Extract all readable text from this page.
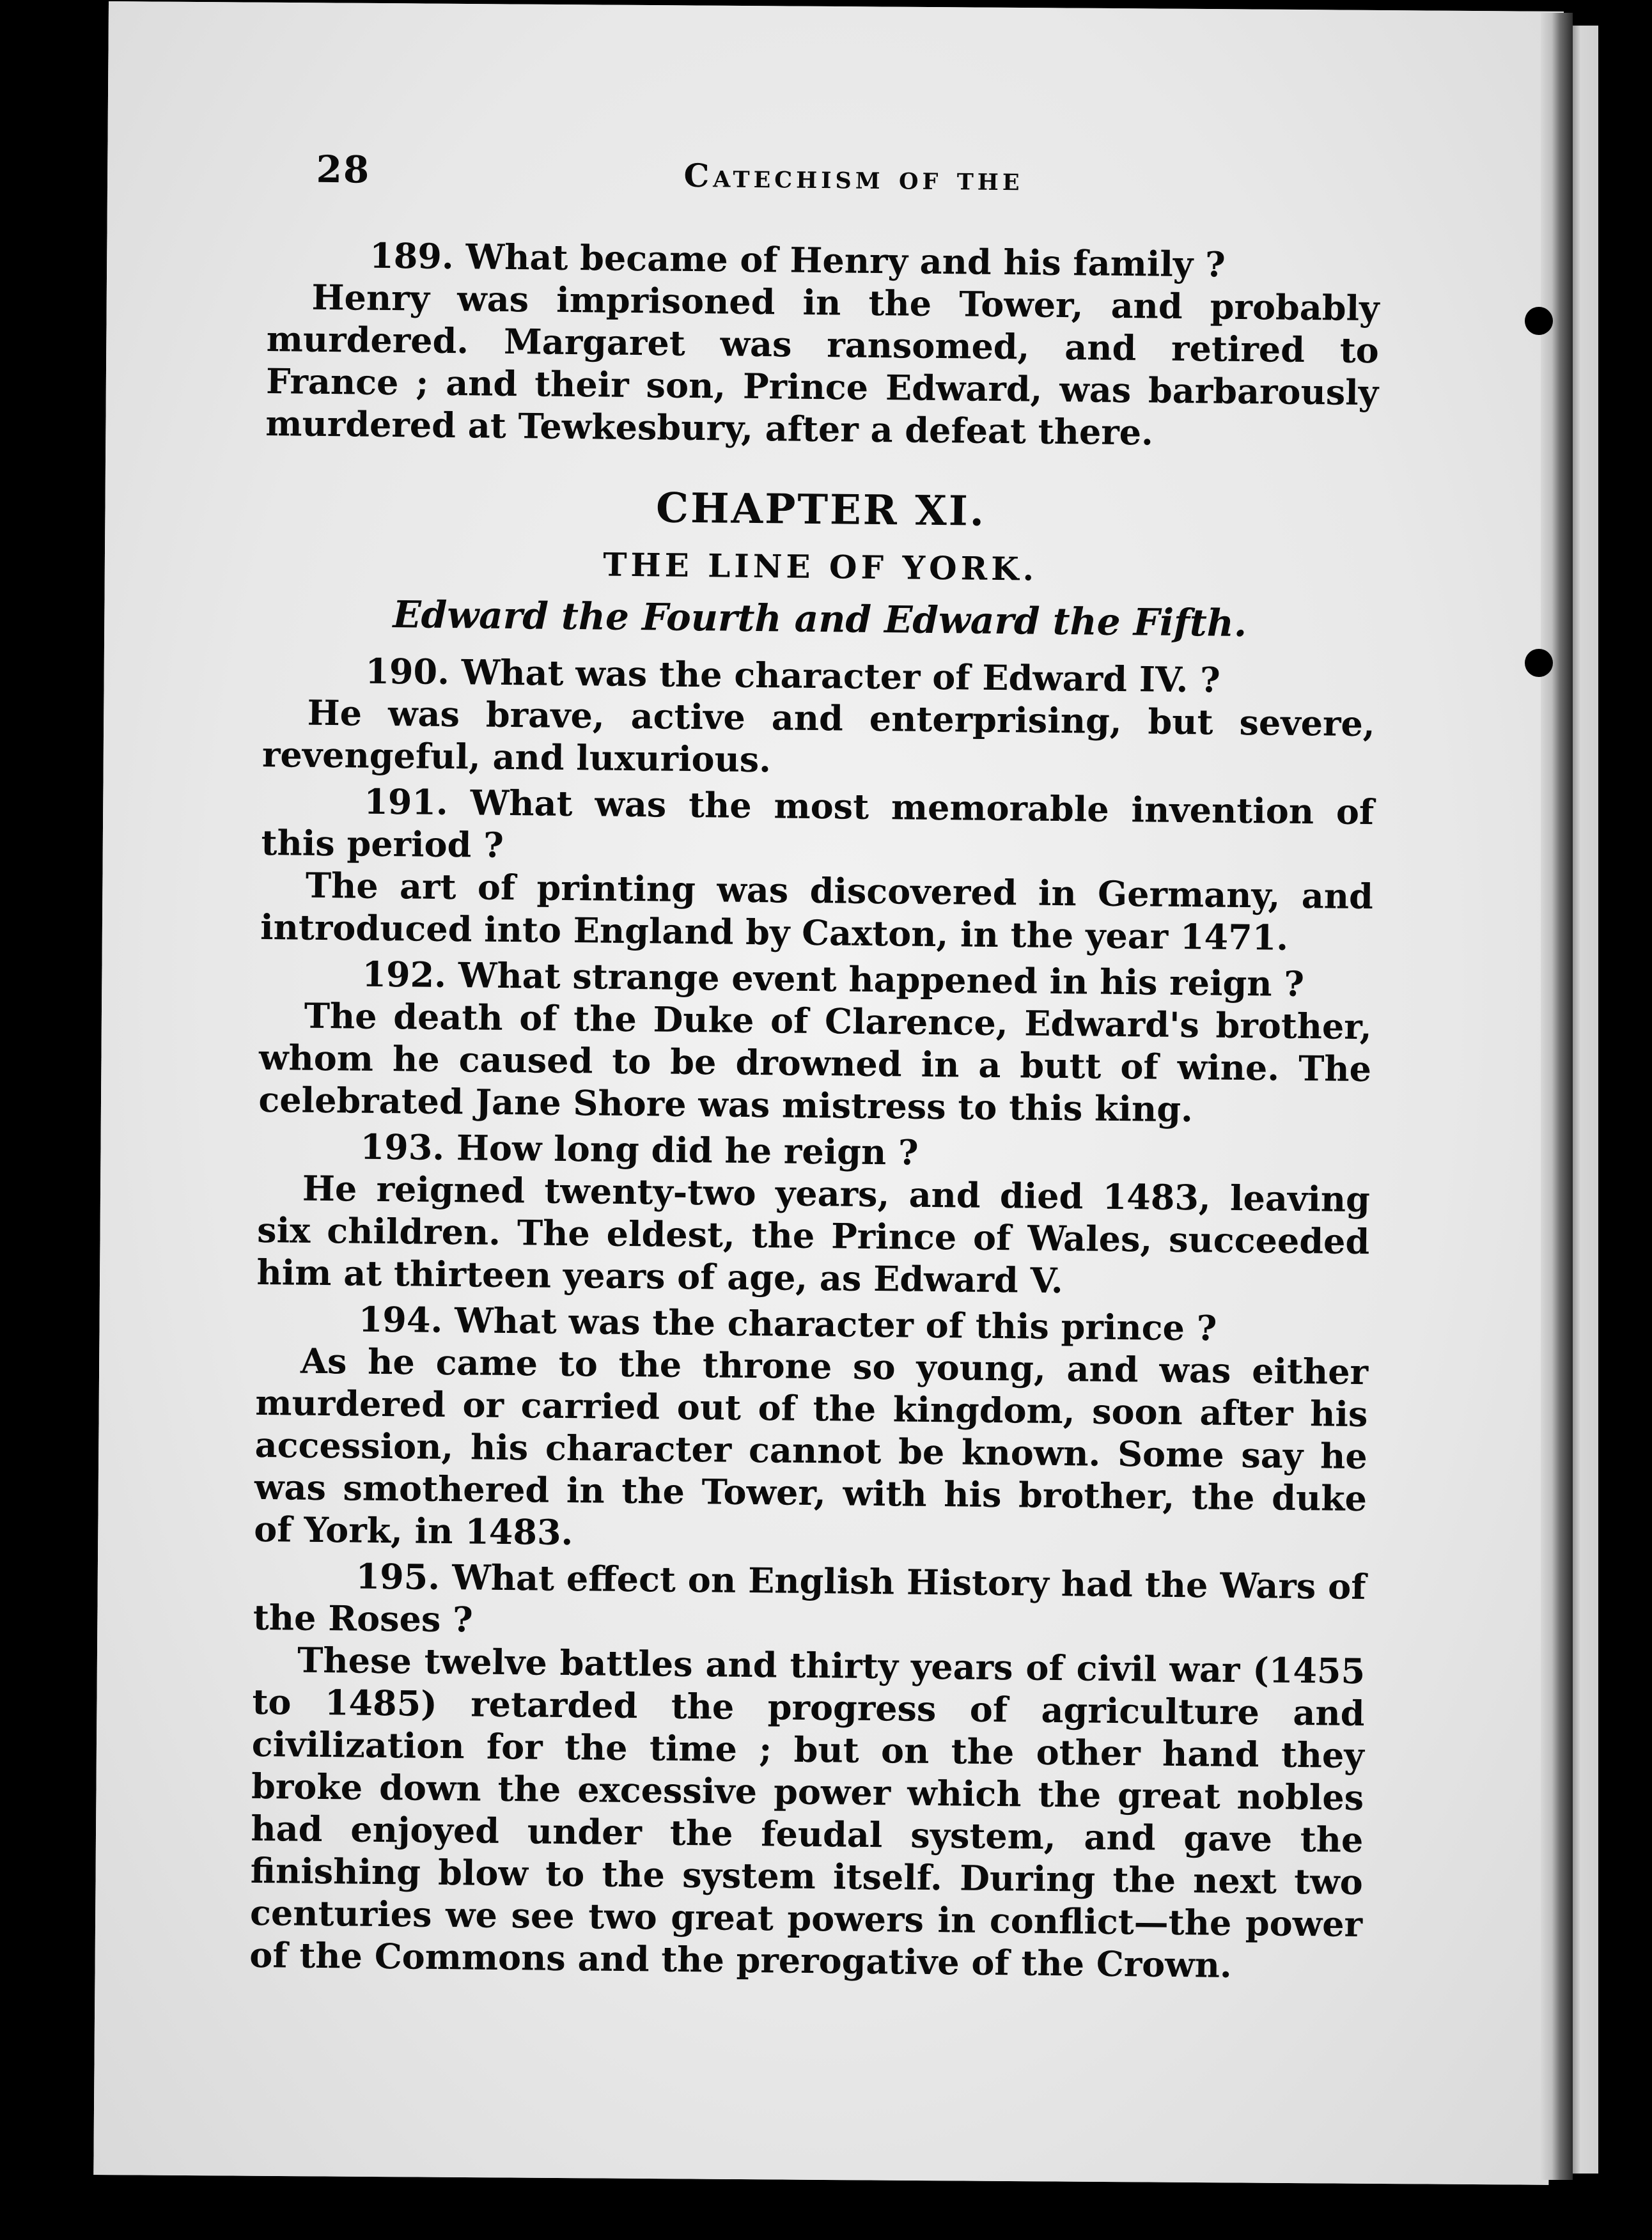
28	Catechism of the
189. What became of Henry and his family ?
Henry was imprisoned in the Tower, and probably murdered. Margaret was ransomed, and retired to France ; and their son, Prince Edward, was barbarously murdered at Tewkesbury, after a defeat there.
CHAPTER XI.
THE LINE OF YORK.
Edward the Fourth and Edward the Fifth.
190. What was the character of Edward IV. ?
He was brave, active and enterprising, but severe, revengeful, and luxurious.
191. What was the most memorable invention of this period ?
The art of printing was discovered in Germany, and introduced into England by Caxton, in the year 1471.
192. What strange event happened in his reign ?
The death of the Duke of Clarence, Edward's brother, whom he caused to be drowned in a butt of wine. The celebrated Jane Shore was mistress to this king.
193. How long did he reign ?
He reigned twenty-two years, and died 1483, leaving six children. The eldest, the Prince of Wales, succeeded him at thirteen years of age, as Edward V.
194. What was the character of this prince ?
As he came to the throne so young, and was either murdered or carried out of the kingdom, soon after his accession, his character cannot be known. Some say he was smothered in the Tower, with his brother, the duke of York, in 1483.
195. What effect on English History had the Wars of the Roses ?
These twelve battles and thirty years of civil war (1455 to 1485) retarded the progress of agriculture and civilization for the time ; but on the other hand they broke down the excessive power which the great nobles had enjoyed under the feudal system, and gave the finishing blow to the system itself. During the next two centuries we see two great powers in conflict—the power of the Commons and the prerogative of the Crown.
